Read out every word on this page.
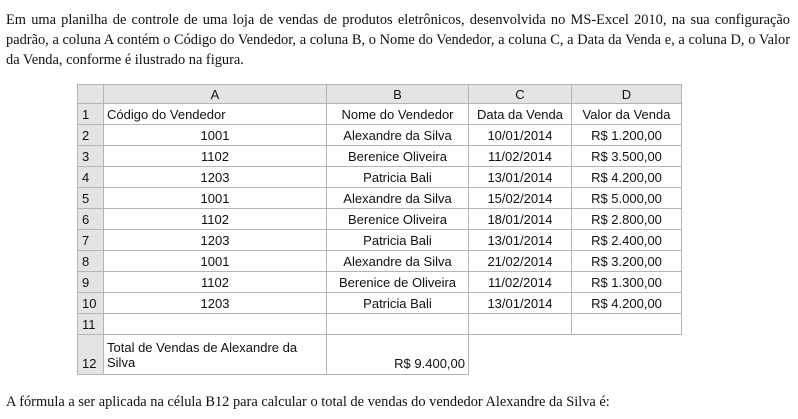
Em uma planilha de controle de uma loja de vendas de produtos eletrônicos, desenvolvida no MS-Excel 2010, na sua configuração padrão, a coluna A contém o Código do Vendedor, a coluna B, o Nome do Vendedor, a coluna C, a Data da Venda e, a coluna D, o Valor da Venda, conforme é ilustrado na figura.

	A	B	C	D
1	Código do Vendedor	Nome do Vendedor	Data da Venda	Valor da Venda
2	1001	Alexandre da Silva	10/01/2014	R$ 1.200,00
3	1102	Berenice Oliveira	11/02/2014	R$ 3.500,00
4	1203	Patricia Bali	13/01/2014	R$ 4.200,00
5	1001	Alexandre da Silva	15/02/2014	R$ 5.000,00
6	1102	Berenice Oliveira	18/01/2014	R$ 2.800,00
7	1203	Patricia Bali	13/01/2014	R$ 2.400,00
8	1001	Alexandre da Silva	21/02/2014	R$ 3.200,00
9	1102	Berenice de Oliveira	11/02/2014	R$ 1.300,00
10	1203	Patricia Bali	13/01/2014	R$ 4.200,00
11				
12	Total de Vendas de Alexandre da Silva	R$ 9.400,00		

A fórmula a ser aplicada na célula B12 para calcular o total de vendas do vendedor Alexandre da Silva é:
